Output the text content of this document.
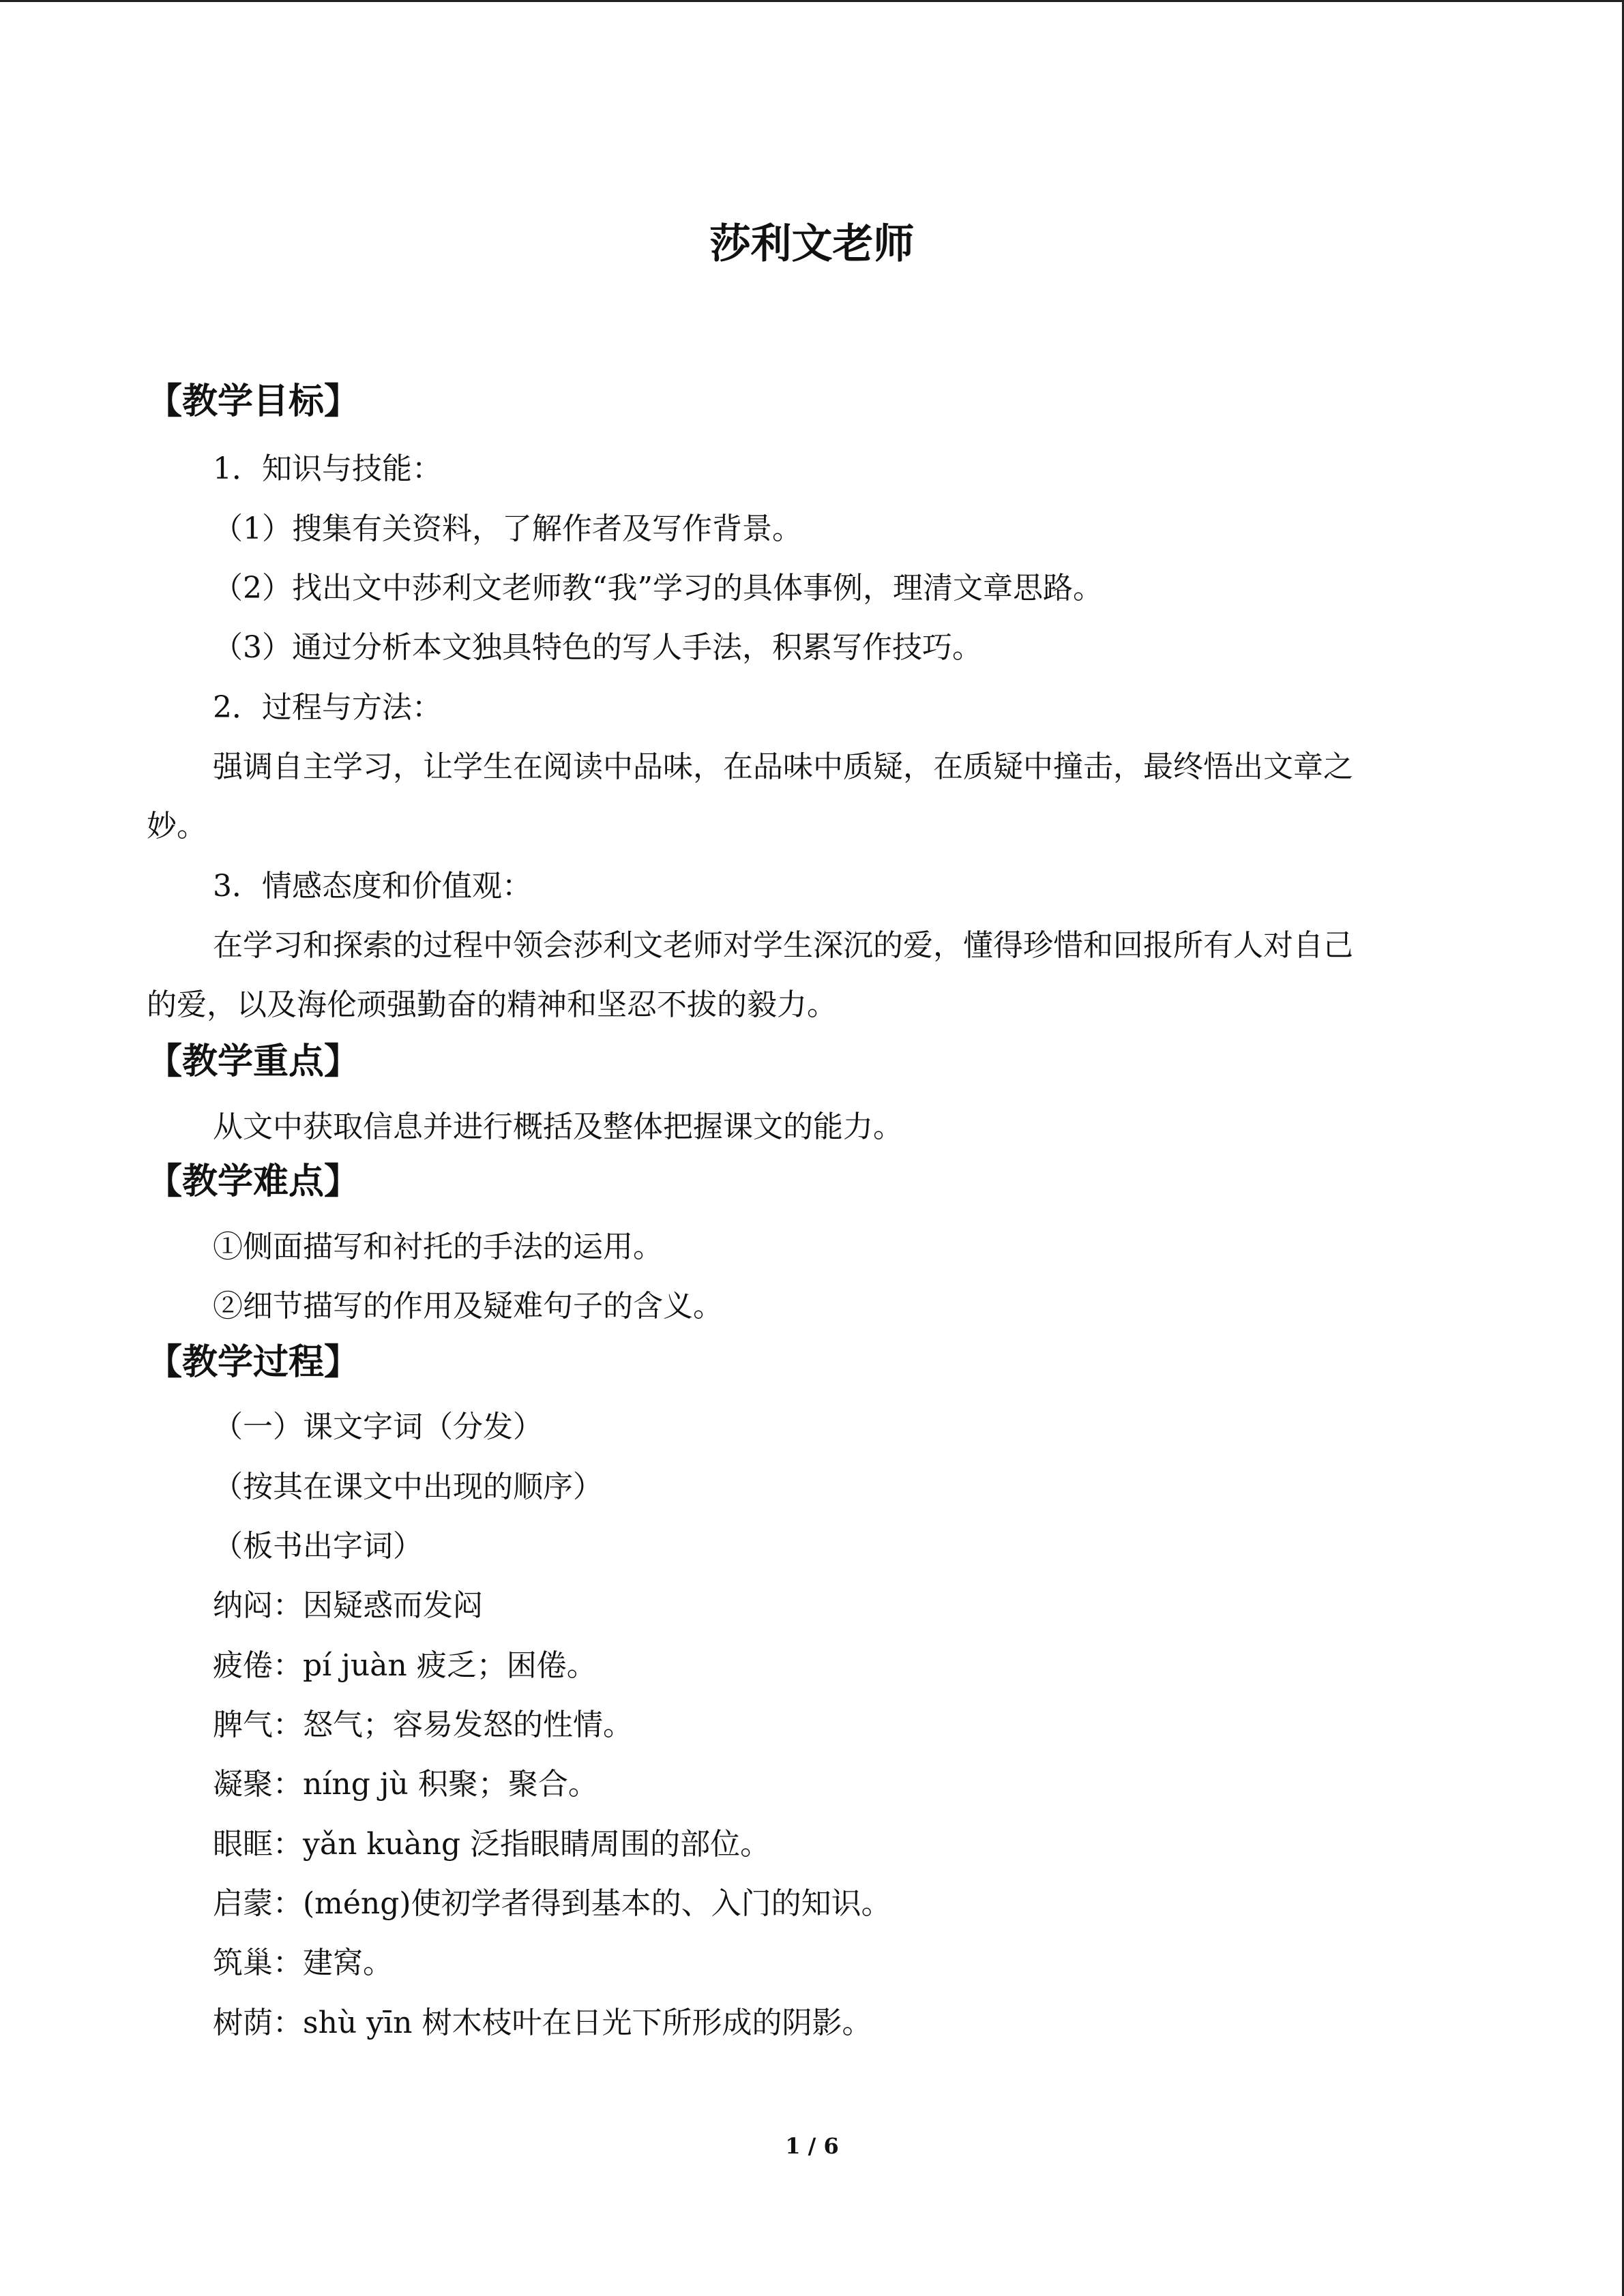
莎利文老师
【教学目标】
1．知识与技能：
（1）搜集有关资料，了解作者及写作背景。
（2）找出文中莎利文老师教“我”学习的具体事例，理清文章思路。
（3）通过分析本文独具特色的写人手法，积累写作技巧。
2．过程与方法：
强调自主学习，让学生在阅读中品味，在品味中质疑，在质疑中撞击，最终悟出文章之
妙。
3．情感态度和价值观：
在学习和探索的过程中领会莎利文老师对学生深沉的爱，懂得珍惜和回报所有人对自己
的爱，以及海伦顽强勤奋的精神和坚忍不拔的毅力。
【教学重点】
从文中获取信息并进行概括及整体把握课文的能力。
【教学难点】
①侧面描写和衬托的手法的运用。
②细节描写的作用及疑难句子的含义。
【教学过程】
（一）课文字词（分发）
（按其在课文中出现的顺序）
（板书出字词）
纳闷：因疑惑而发闷
疲倦：pí juàn 疲乏；困倦。
脾气：怒气；容易发怒的性情。
凝聚：níng jù 积聚；聚合。
眼眶：yǎn kuàng 泛指眼睛周围的部位。
启蒙：(méng)使初学者得到基本的、入门的知识。
筑巢：建窝。
树荫：shù yīn 树木枝叶在日光下所形成的阴影。
1 / 6
